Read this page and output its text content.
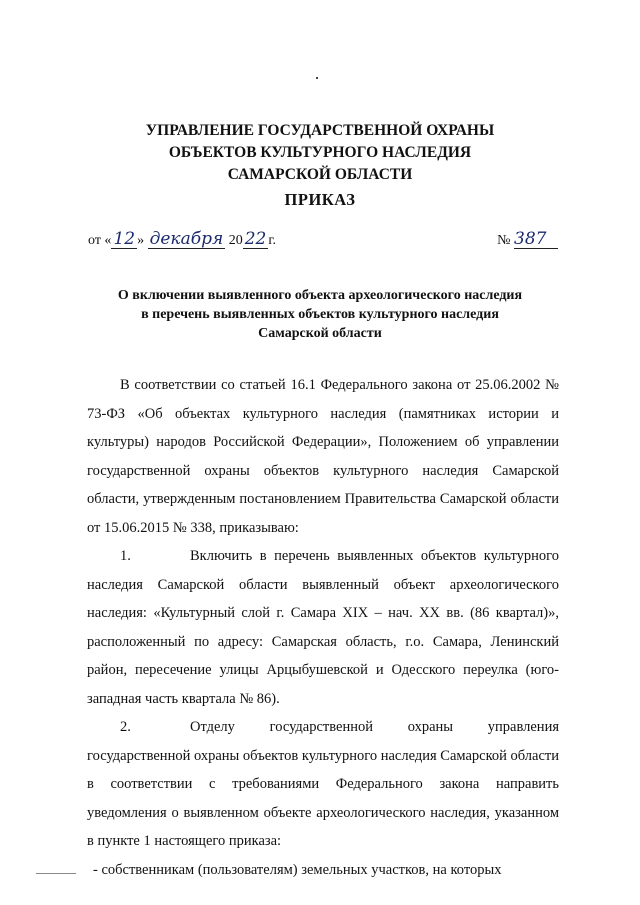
УПРАВЛЕНИЕ ГОСУДАРСТВЕННОЙ ОХРАНЫ
ОБЪЕКТОВ КУЛЬТУРНОГО НАСЛЕДИЯ
САМАРСКОЙ ОБЛАСТИ
ПРИКАЗ
от « 12 » декабря 20 22 г.	№ 387
О включении выявленного объекта археологического наследия
в перечень выявленных объектов культурного наследия
Самарской области

В соответствии со статьей 16.1 Федерального закона от 25.06.2002 № 73-ФЗ «Об объектах культурного наследия (памятниках истории и культуры) народов Российской Федерации», Положением об управлении государственной охраны объектов культурного наследия Самарской области, утвержденным постановлением Правительства Самарской области от 15.06.2015 № 338, приказываю:

1.	Включить в перечень выявленных объектов культурного наследия Самарской области выявленный объект археологического наследия: «Культурный слой г. Самара XIX – нач. XX вв. (86 квартал)», расположенный по адресу: Самарская область, г.о. Самара, Ленинский район, пересечение улицы Арцыбушевской и Одесского переулка (юго-западная часть квартала № 86).

2.	Отделу государственной охраны управления государственной охраны объектов культурного наследия Самарской области в соответствии с требованиями Федерального закона направить уведомления о выявленном объекте археологического наследия, указанном в пункте 1 настоящего приказа:

- собственникам (пользователям) земельных участков, на которых
